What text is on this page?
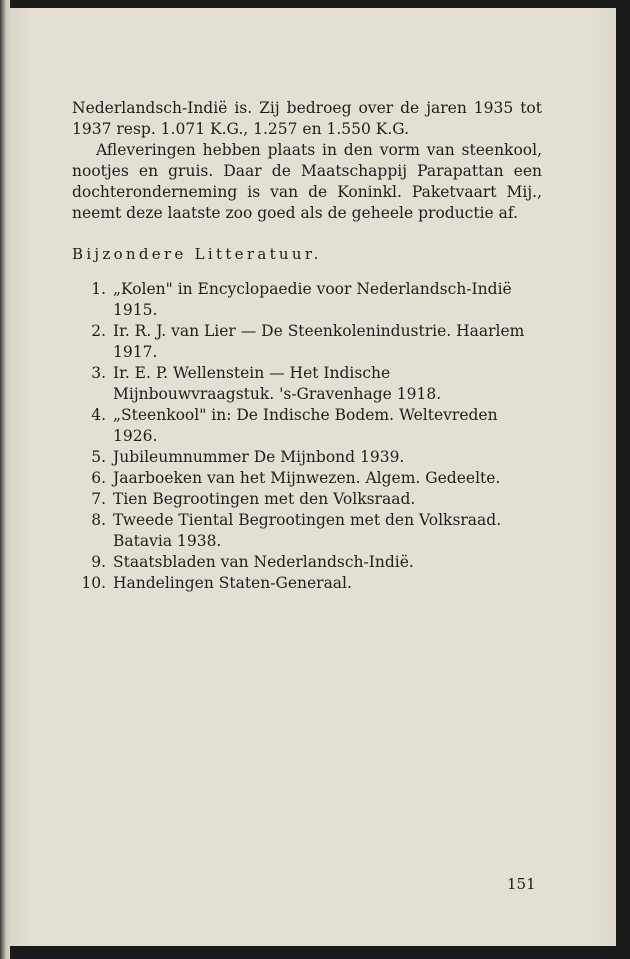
Nederlandsch-Indië is. Zij bedroeg over de jaren 1935 tot 1937 resp. 1.071 K.G., 1.257 en 1.550 K.G.

Afleveringen hebben plaats in den vorm van steenkool, nootjes en gruis. Daar de Maatschappij Parapattan een dochteronderneming is van de Koninkl. Paketvaart Mij., neemt deze laatste zoo goed als de geheele productie af.

Bijzondere Litteratuur.

1. „Kolen" in Encyclopaedie voor Nederlandsch-Indië 1915.
2. Ir. R. J. van Lier — De Steenkolenindustrie. Haarlem 1917.
3. Ir. E. P. Wellenstein — Het Indische Mijnbouwvraagstuk. 's-Gravenhage 1918.
4. „Steenkool" in: De Indische Bodem. Weltevreden 1926.
5. Jubileumnummer De Mijnbond 1939.
6. Jaarboeken van het Mijnwezen. Algem. Gedeelte.
7. Tien Begrootingen met den Volksraad.
8. Tweede Tiental Begrootingen met den Volksraad. Batavia 1938.
9. Staatsbladen van Nederlandsch-Indië.
10. Handelingen Staten-Generaal.
151
